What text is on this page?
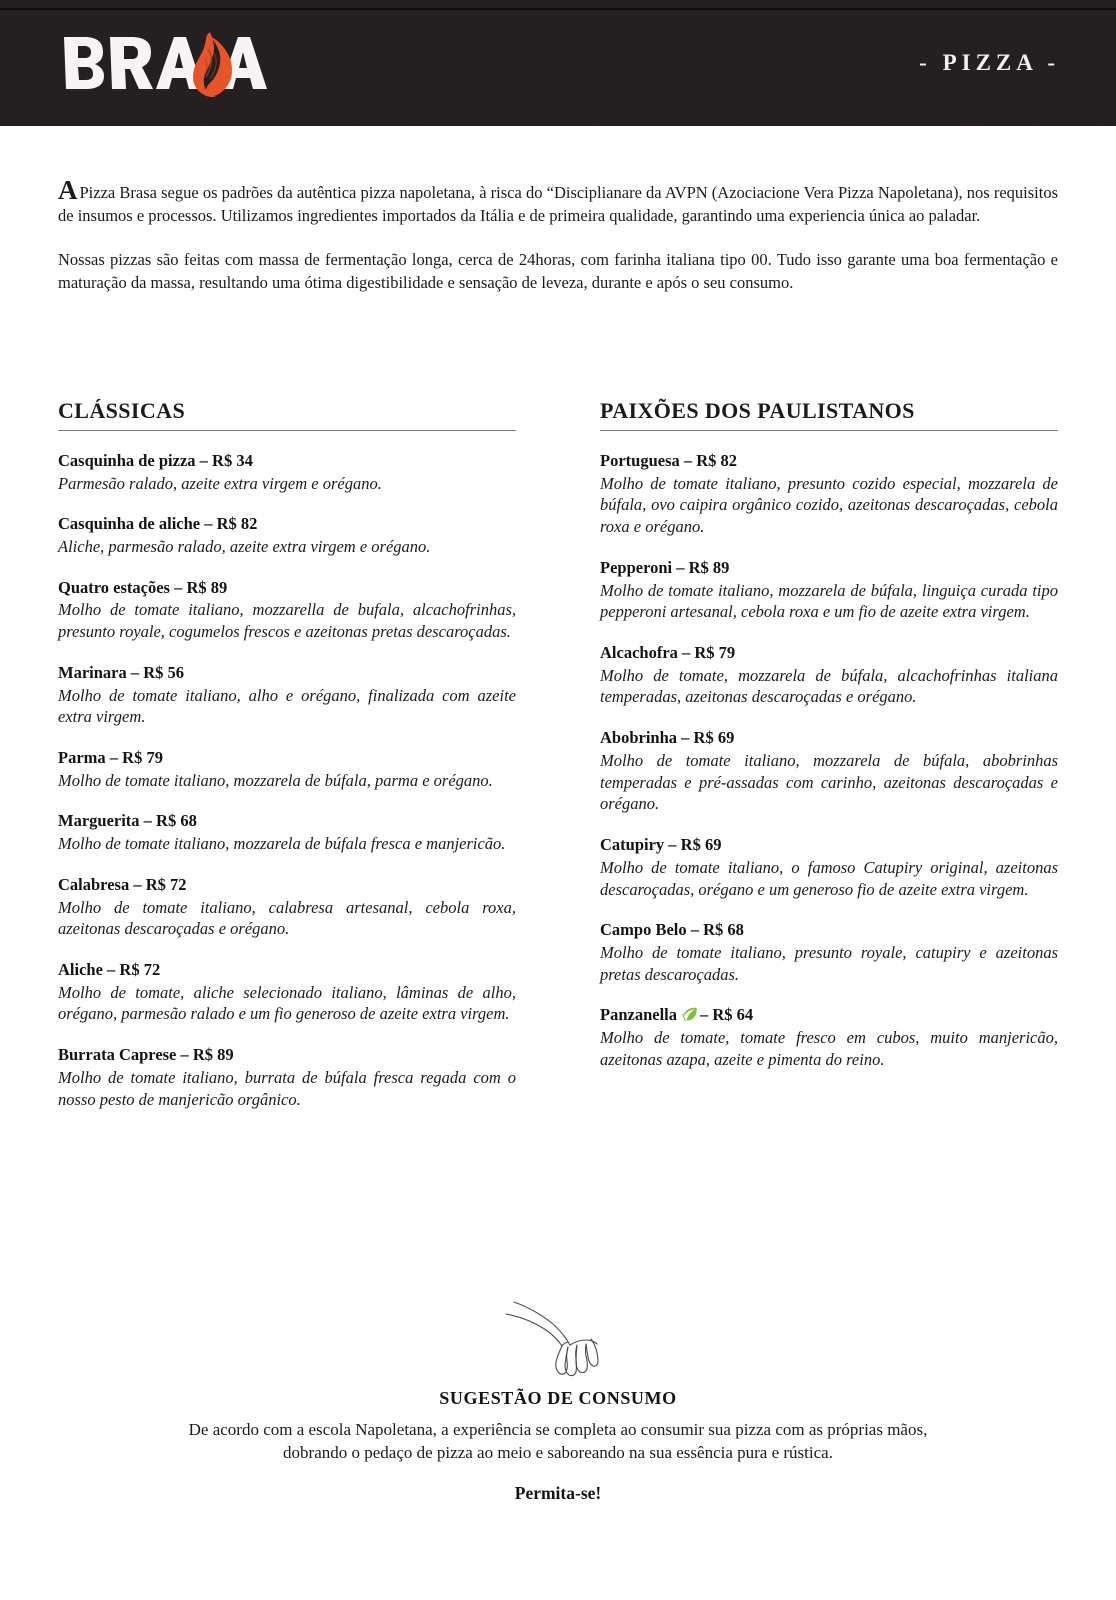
- PIZZA -

A Pizza Brasa segue os padrões da autêntica pizza napoletana, à risca do “Disciplianare da AVPN (Azociacione Vera Pizza Napoletana), nos requisitos de insumos e processos. Utilizamos ingredientes importados da Itália e de primeira qualidade, garantindo uma experiencia única ao paladar.

Nossas pizzas são feitas com massa de fermentação longa, cerca de 24horas, com farinha italiana tipo 00. Tudo isso garante uma boa fermentação e maturação da massa, resultando uma ótima digestibilidade e sensação de leveza, durante e após o seu consumo.

CLÁSSICAS
Casquinha de pizza – R$ 34

Parmesão ralado, azeite extra virgem e orégano.

Casquinha de aliche – R$ 82

Aliche, parmesão ralado, azeite extra virgem e orégano.

Quatro estações – R$ 89

Molho de tomate italiano, mozzarella de bufala, alcachofrinhas, presunto royale, cogumelos frescos e azeitonas pretas descaroçadas.

Marinara – R$ 56

Molho de tomate italiano, alho e orégano, finalizada com azeite extra virgem.

Parma – R$ 79

Molho de tomate italiano, mozzarela de búfala, parma e orégano.

Marguerita – R$ 68

Molho de tomate italiano, mozzarela de búfala fresca e manjericão.

Calabresa – R$ 72

Molho de tomate italiano, calabresa artesanal, cebola roxa, azeitonas descaroçadas e orégano.

Aliche – R$ 72

Molho de tomate, aliche selecionado italiano, lâminas de alho, orégano, parmesão ralado e um fio generoso de azeite extra virgem.

Burrata Caprese – R$ 89

Molho de tomate italiano, burrata de búfala fresca regada com o nosso pesto de manjericão orgânico.

PAIXÕES DOS PAULISTANOS
Portuguesa – R$ 82

Molho de tomate italiano, presunto cozido especial, mozzarela de búfala, ovo caipira orgânico cozido, azeitonas descaroçadas, cebola roxa e orégano.

Pepperoni – R$ 89

Molho de tomate italiano, mozzarela de búfala, linguiça curada tipo pepperoni artesanal, cebola roxa e um fio de azeite extra virgem.

Alcachofra – R$ 79

Molho de tomate, mozzarela de búfala, alcachofrinhas italiana temperadas, azeitonas descaroçadas e orégano.

Abobrinha – R$ 69

Molho de tomate italiano, mozzarela de búfala, abobrinhas temperadas e pré-assadas com carinho, azeitonas descaroçadas e orégano.

Catupiry – R$ 69

Molho de tomate italiano, o famoso Catupiry original, azeitonas descaroçadas, orégano e um generoso fio de azeite extra virgem.

Campo Belo – R$ 68

Molho de tomate italiano, presunto royale, catupiry e azeitonas pretas descaroçadas.

Panzanella – R$ 64

Molho de tomate, tomate fresco em cubos, muito manjericão, azeitonas azapa, azeite e pimenta do reino.

SUGESTÃO DE CONSUMO

De acordo com a escola Napoletana, a experiência se completa ao consumir sua pizza com as próprias mãos, dobrando o pedaço de pizza ao meio e saboreando na sua essência pura e rústica.

Permita-se!
